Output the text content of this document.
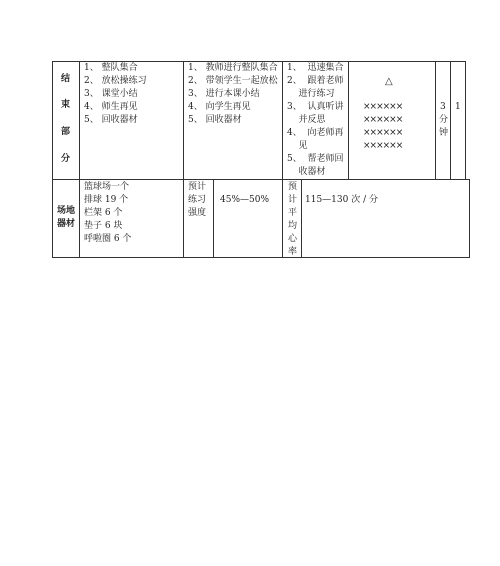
结
束
部
分
1、 整队集合
2、 放松操练习
3、 课堂小结
4、 师生再见
5、 回收器材
1、 教师进行整队集合
2、 带领学生一起放松
3、 进行本课小结
4、 向学生再见
5、 回收器材
1、  迅速集合
2、  跟着老师
进行练习
3、  认真听讲
并反思
4、  向老师再
见
5、  帮老师回
收器材
△
××××××
××××××
××××××
××××××
3
分
钟
1
场地
器材
篮球场一个
排球 19 个
栏架 6 个
垫子 6 块
呼啦圈 6 个
预计
练习
强度
45%—50%
预
计
平
均
心
率
115—130 次 / 分
